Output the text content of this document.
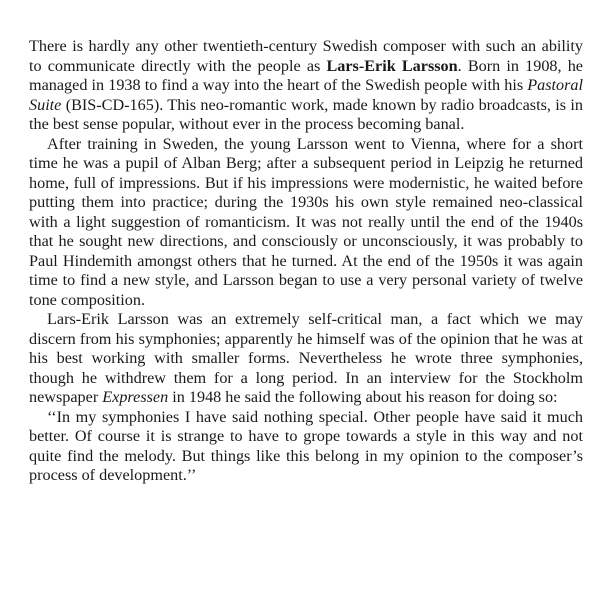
There is hardly any other twentieth-century Swedish composer with such an ability to communicate directly with the people as Lars-Erik Larsson. Born in 1908, he managed in 1938 to find a way into the heart of the Swedish people with his Pastoral Suite (BIS-CD-165). This neo-romantic work, made known by radio broadcasts, is in the best sense popular, without ever in the process becoming banal.

After training in Sweden, the young Larsson went to Vienna, where for a short time he was a pupil of Alban Berg; after a subsequent period in Leipzig he returned home, full of impressions. But if his impressions were modernistic, he waited before putting them into practice; during the 1930s his own style remained neo-classical with a light suggestion of romanticism. It was not really until the end of the 1940s that he sought new directions, and consciously or unconsciously, it was probably to Paul Hindemith amongst others that he turned. At the end of the 1950s it was again time to find a new style, and Larsson began to use a very personal variety of twelve tone composition.

Lars-Erik Larsson was an extremely self-critical man, a fact which we may discern from his symphonies; apparently he himself was of the opinion that he was at his best working with smaller forms. Nevertheless he wrote three symphonies, though he withdrew them for a long period. In an interview for the Stockholm newspaper Expressen in 1948 he said the following about his reason for doing so:

‘‘In my symphonies I have said nothing special. Other people have said it much better. Of course it is strange to have to grope towards a style in this way and not quite find the melody. But things like this belong in my opinion to the composer’s process of development.’’
